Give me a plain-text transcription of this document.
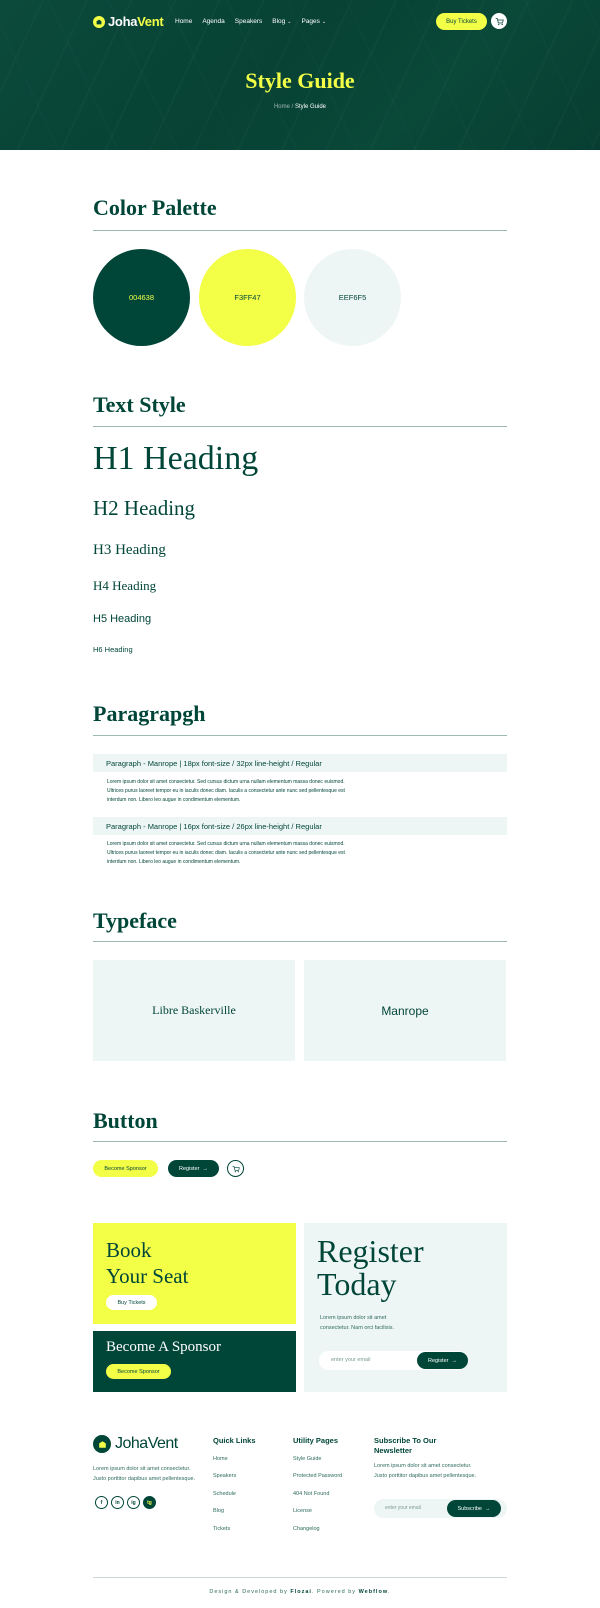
JohaVent Home Agenda Speakers Blog ⌄ Pages ⌄	Buy Tickets
Style Guide
Home / Style Guide
Color Palette
004638	F3FF47	EEF6F5
Text Style
H1 Heading
H2 Heading
H3 Heading
H4 Heading
H5 Heading
H6 Heading
Paragrapgh
Paragraph - Manrope | 18px font-size / 32px line-height / Regular
Lorem ipsum dolor sit amet consectetur. Sed cursus dictum urna nullam elementum massa donec euismod. Ultrices purus laoreet tempor eu in iaculis donec diam. Iaculis a consectetur ante nunc sed pellentesque est interdum non. Libero leo augue in condimentum elementum.
Paragraph - Manrope | 16px font-size / 26px line-height / Regular
Lorem ipsum dolor sit amet consectetur. Sed cursus dictum urna nullam elementum massa donec euismod. Ultrices purus laoreet tempor eu in iaculis donec diam. Iaculis a consectetur ante nunc sed pellentesque est interdum non. Libero leo augue in condimentum elementum.
Typeface
Libre Baskerville	Manrope
Button
Become Sponsor	Register →
Book
Your Seat
Buy Tickets
Become A Sponsor
Become Sponsor
Register
Today
Lorem ipsum dolor sit amet consectetur. Nam orci facilisis.
enter your email	Register →
JohaVent
Lorem ipsum dolor sit amet consectetur. Justo porttitor dapibus amet pellentesque.
f	in	ig	tg
Quick Links
Home
Speakers
Schedule
Blog
Tickets
Utility Pages
Style Guide
Protected Password
404 Not Found
License
Changelog
Subscribe To Our Newsletter
Lorem ipsum dolor sit amet consectetur. Justo porttitor dapibus amet pellentesque.
enter your email	Subscribe →
Design & Developed by Flozai. Powered by Webflow.
